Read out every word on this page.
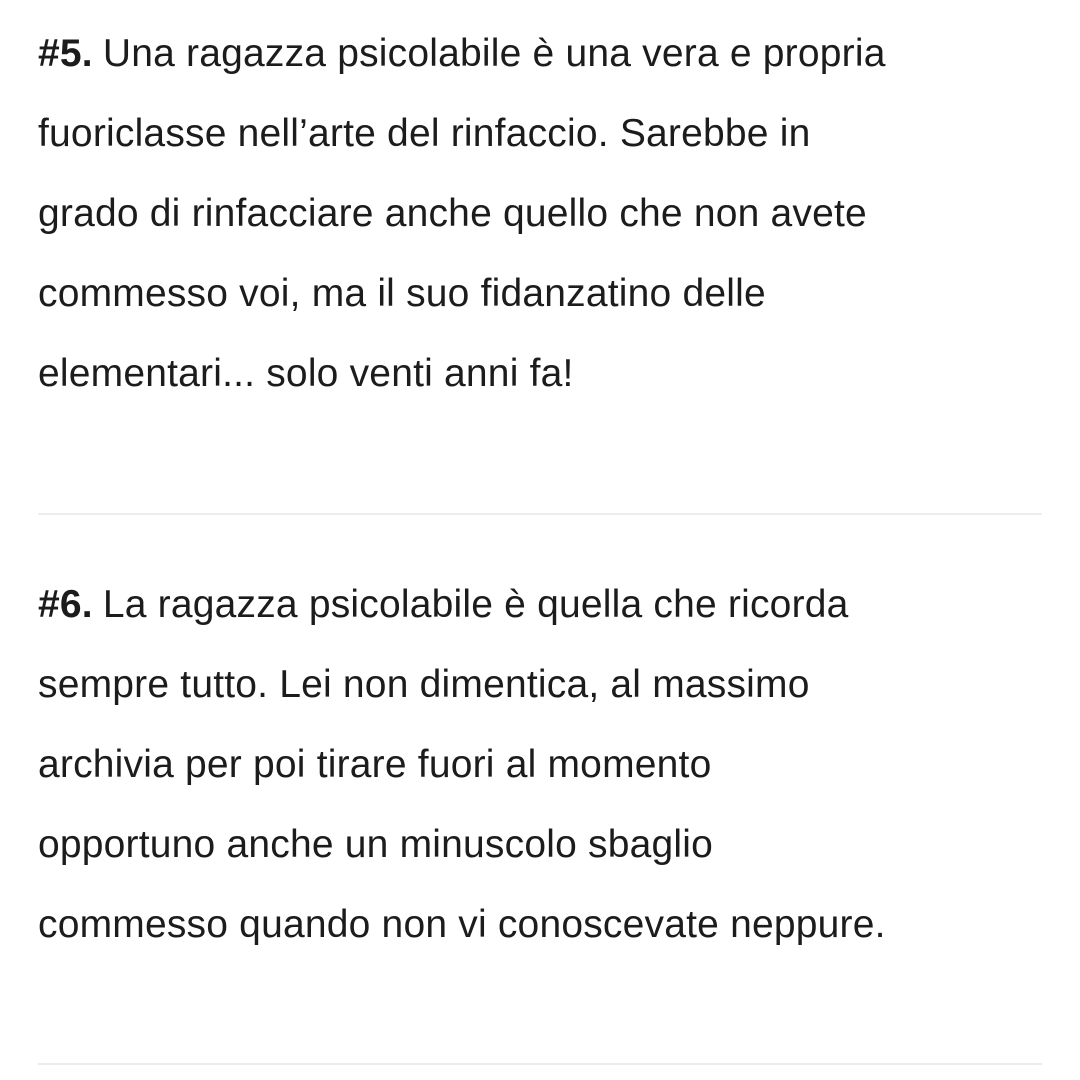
#5. Una ragazza psicolabile è una vera e propria
fuoriclasse nell’arte del rinfaccio. Sarebbe in
grado di rinfacciare anche quello che non avete
commesso voi, ma il suo fidanzatino delle
elementari... solo venti anni fa!
#6. La ragazza psicolabile è quella che ricorda
sempre tutto. Lei non dimentica, al massimo
archivia per poi tirare fuori al momento
opportuno anche un minuscolo sbaglio
commesso quando non vi conoscevate neppure.
